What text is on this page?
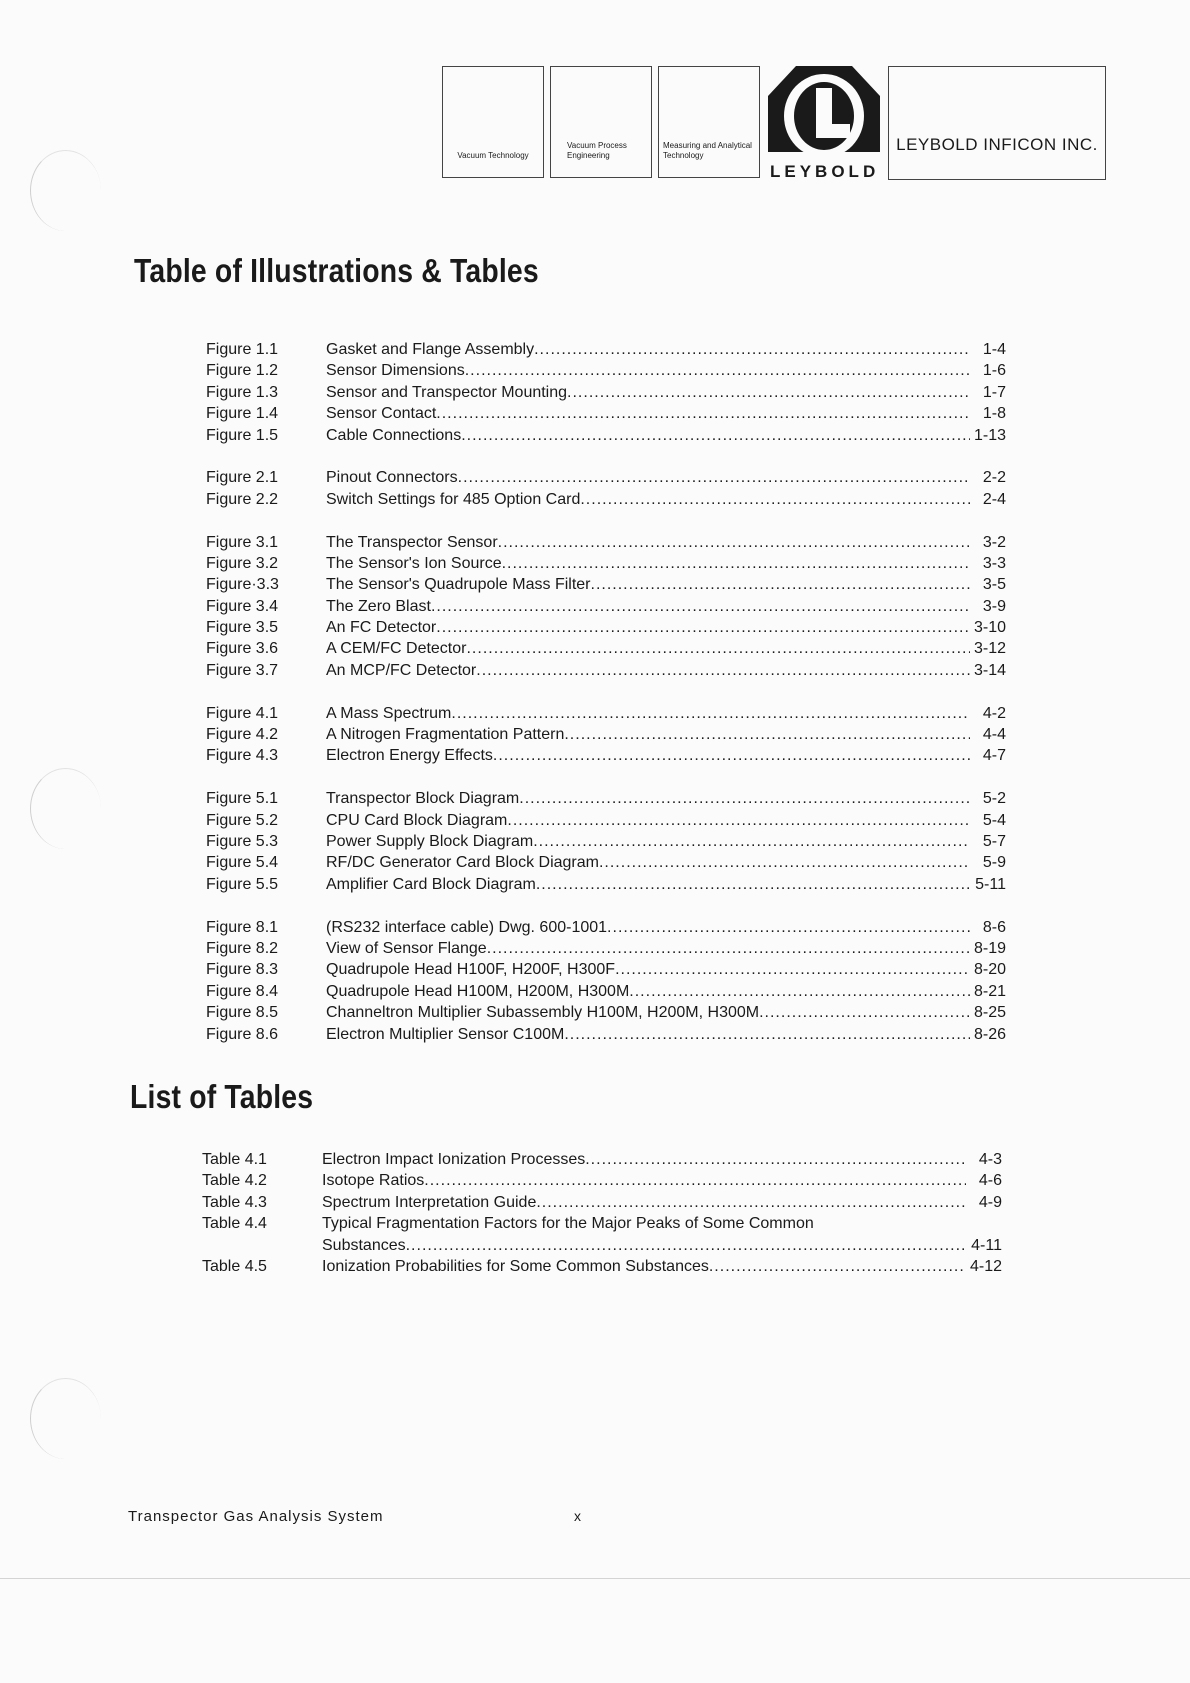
Vacuum Technology
Vacuum Process Engineering
Measuring and Analytical Technology
LEYBOLD
LEYBOLD INFICON INC.
Table of Illustrations & Tables
Figure 1.1	Gasket and Flange Assembly .....	1-4
Figure 1.2	Sensor Dimensions .....	1-6
Figure 1.3	Sensor and Transpector Mounting .....	1-7
Figure 1.4	Sensor Contact .....	1-8
Figure 1.5	Cable Connections .....	1-13
Figure 2.1	Pinout Connectors .....	2-2
Figure 2.2	Switch Settings for 485 Option Card .....	2-4
Figure 3.1	The Transpector Sensor .....	3-2
Figure 3.2	The Sensor's Ion Source .....	3-3
Figure·3.3	The Sensor's Quadrupole Mass Filter .....	3-5
Figure 3.4	The Zero Blast .....	3-9
Figure 3.5	An FC Detector .....	3-10
Figure 3.6	A CEM/FC Detector .....	3-12
Figure 3.7	An MCP/FC Detector .....	3-14
Figure 4.1	A Mass Spectrum .....	4-2
Figure 4.2	A Nitrogen Fragmentation Pattern .....	4-4
Figure 4.3	Electron Energy Effects .....	4-7
Figure 5.1	Transpector Block Diagram .....	5-2
Figure 5.2	CPU Card Block Diagram .....	5-4
Figure 5.3	Power Supply Block Diagram .....	5-7
Figure 5.4	RF/DC Generator Card Block Diagram .....	5-9
Figure 5.5	Amplifier Card Block Diagram .....	5-11
Figure 8.1	(RS232 interface cable) Dwg. 600-1001 .....	8-6
Figure 8.2	View of Sensor Flange .....	8-19
Figure 8.3	Quadrupole Head H100F, H200F, H300F .....	8-20
Figure 8.4	Quadrupole Head H100M, H200M, H300M .....	8-21
Figure 8.5	Channeltron Multiplier Subassembly H100M, H200M, H300M .....	8-25
Figure 8.6	Electron Multiplier Sensor C100M .....	8-26
List of Tables
Table 4.1	Electron Impact Ionization Processes .....	4-3
Table 4.2	Isotope Ratios .....	4-6
Table 4.3	Spectrum Interpretation Guide .....	4-9
Table 4.4	Typical Fragmentation Factors for the Major Peaks of Some Common
Substances .....	4-11
Table 4.5	Ionization Probabilities for Some Common Substances .....	4-12
Transpector Gas Analysis System	x
